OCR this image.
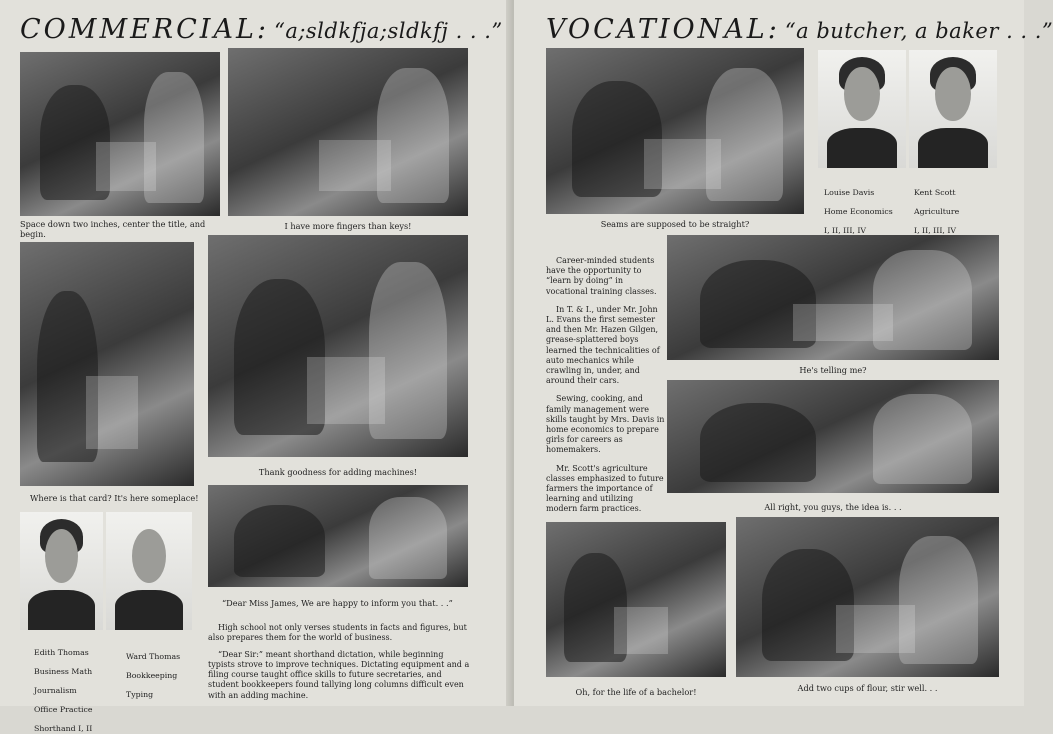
COMMERCIAL: “a;sldkfja;sldkfj . . .”
Space down two inches, center the title, and begin.
I have more fingers than keys!
Where is that card? It's here someplace!
Thank goodness for adding machines!

Edith Thomas

Business Math

Journalism

Office Practice

Shorthand I, II

Ward Thomas

Bookkeeping

Typing

“Dear Miss James, We are happy to inform you that. . .”

High school not only verses students in facts and figures, but also prepares them for the world of business.

“Dear Sir:” meant shorthand dictation, while beginning typists strove to improve techniques. Dictating equipment and a filing course taught office skills to future secretaries, and student bookkeepers found tallying long columns difficult even with an adding machine.

VOCATIONAL: “a butcher, a baker . . .”
Seams are supposed to be straight?

Louise Davis

Home Economics

I, II, III, IV

Kent Scott

Agriculture

I, II, III, IV

Career-minded students have the opportunity to “learn by doing” in vocational training classes.

In T. & I., under Mr. John L. Evans the first semester and then Mr. Hazen Gilgen, grease-splattered boys learned the technicalities of auto mechanics while crawling in, under, and around their cars.

Sewing, cooking, and family management were skills taught by Mrs. Davis in home economics to prepare girls for careers as homemakers.

Mr. Scott's agriculture classes emphasized to future farmers the importance of learning and utilizing modern farm practices.

He's telling me?
All right, you guys, the idea is. . .
Oh, for the life of a bachelor!	Add two cups of flour, stir well. . .
